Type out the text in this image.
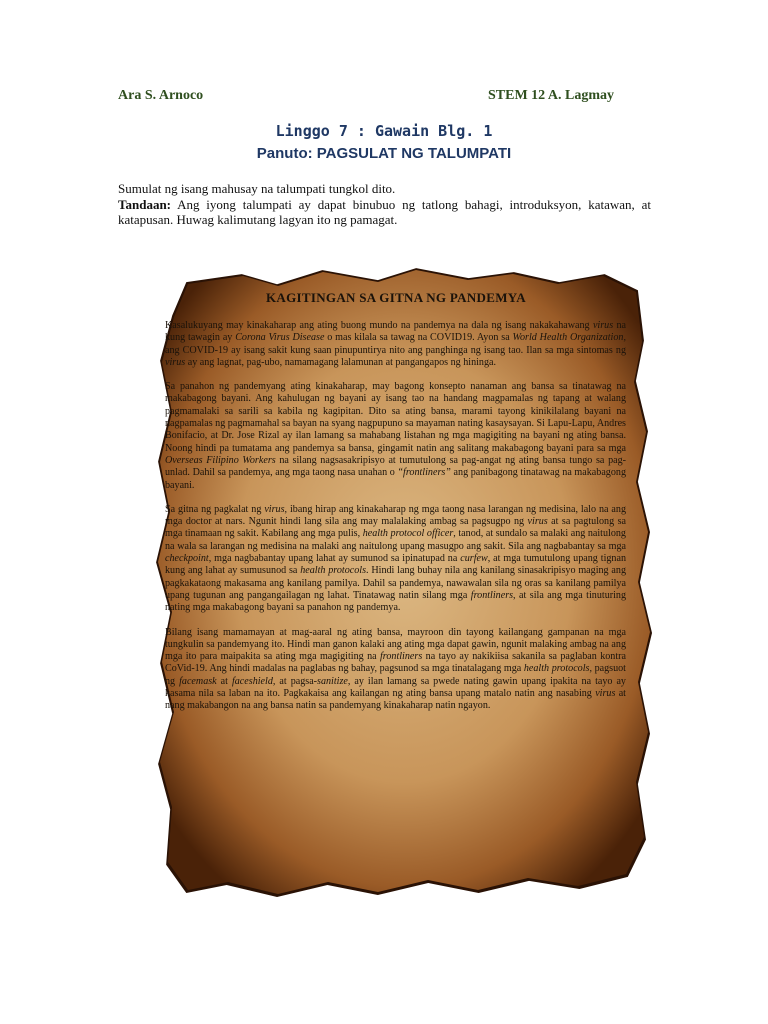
Ara S. Arnoco	STEM 12 A. Lagmay
Linggo 7 : Gawain Blg. 1
Panuto: PAGSULAT NG TALUMPATI
Sumulat ng isang mahusay na talumpati tungkol dito.
Tandaan: Ang iyong talumpati ay dapat binubuo ng tatlong bahagi, introduksyon, katawan, at katapusan. Huwag kalimutang lagyan ito ng pamagat.
KAGITINGAN SA GITNA NG PANDEMYA

Kasalukuyang may kinakaharap ang ating buong mundo na pandemya na dala ng isang nakakahawang virus na kung tawagin ay Corona Virus Disease o mas kilala sa tawag na COVID19. Ayon sa World Health Organization, ang COVID-19 ay isang sakit kung saan pinupuntirya nito ang panghinga ng isang tao. Ilan sa mga sintomas ng virus ay ang lagnat, pag-ubo, namamagang lalamunan at pangangapos ng hininga.

Sa panahon ng pandemyang ating kinakaharap, may bagong konsepto nanaman ang bansa sa tinatawag na makabagong bayani. Ang kahulugan ng bayani ay isang tao na handang magpamalas ng tapang at walang pagmamalaki sa sarili sa kabila ng kagipitan. Dito sa ating bansa, marami tayong kinikilalang bayani na nagpamalas ng pagmamahal sa bayan na syang nagpupuno sa mayaman nating kasaysayan. Si Lapu-Lapu, Andres Bonifacio, at Dr. Jose Rizal ay ilan lamang sa mahabang listahan ng mga magigiting na bayani ng ating bansa. Noong hindi pa tumatama ang pandemya sa bansa, gingamit natin ang salitang makabagong bayani para sa mga Overseas Filipino Workers na silang nagsasakripisyo at tumutulong sa pag-angat ng ating bansa tungo sa pag-unlad. Dahil sa pandemya, ang mga taong nasa unahan o “frontliners” ang panibagong tinatawag na makabagong bayani.

Sa gitna ng pagkalat ng virus, ibang hirap ang kinakaharap ng mga taong nasa larangan ng medisina, lalo na ang mga doctor at nars. Ngunit hindi lang sila ang may malalaking ambag sa pagsugpo ng virus at sa pagtulong sa mga tinamaan ng sakit. Kabilang ang mga pulis, health protocol officer, tanod, at sundalo sa malaki ang naitulong na wala sa larangan ng medisina na malaki ang naitulong upang masugpo ang sakit. Sila ang nagbabantay sa mga checkpoint, mga nagbabantay upang lahat ay sumunod sa ipinatupad na curfew, at mga tumutulong upang tignan kung ang lahat ay sumusunod sa health protocols. Hindi lang buhay nila ang kanilang sinasakripisyo maging ang pagkakataong makasama ang kanilang pamilya. Dahil sa pandemya, nawawalan sila ng oras sa kanilang pamilya upang tugunan ang pangangailagan ng lahat. Tinatawag natin silang mga frontliners, at sila ang mga tinuturing nating mga makabagong bayani sa panahon ng pandemya.

Bilang isang mamamayan at mag-aaral ng ating bansa, mayroon din tayong kailangang gampanan na mga tungkulin sa pandemyang ito. Hindi man ganon kalaki ang ating mga dapat gawin, ngunit malaking ambag na ang mga ito para maipakita sa ating mga magigiting na frontliners na tayo ay nakikiisa sakanila sa paglaban kontra CoVid-19. Ang hindi madalas na paglabas ng bahay, pagsunod sa mga tinatalagang mga health protocols, pagsuot ng facemask at faceshield, at pagsa-sanitize, ay ilan lamang sa pwede nating gawin upang ipakita na tayo ay kasama nila sa laban na ito. Pagkakaisa ang kailangan ng ating bansa upang matalo natin ang nasabing virus at nang makabangon na ang bansa natin sa pandemyang kinakaharap natin ngayon.
